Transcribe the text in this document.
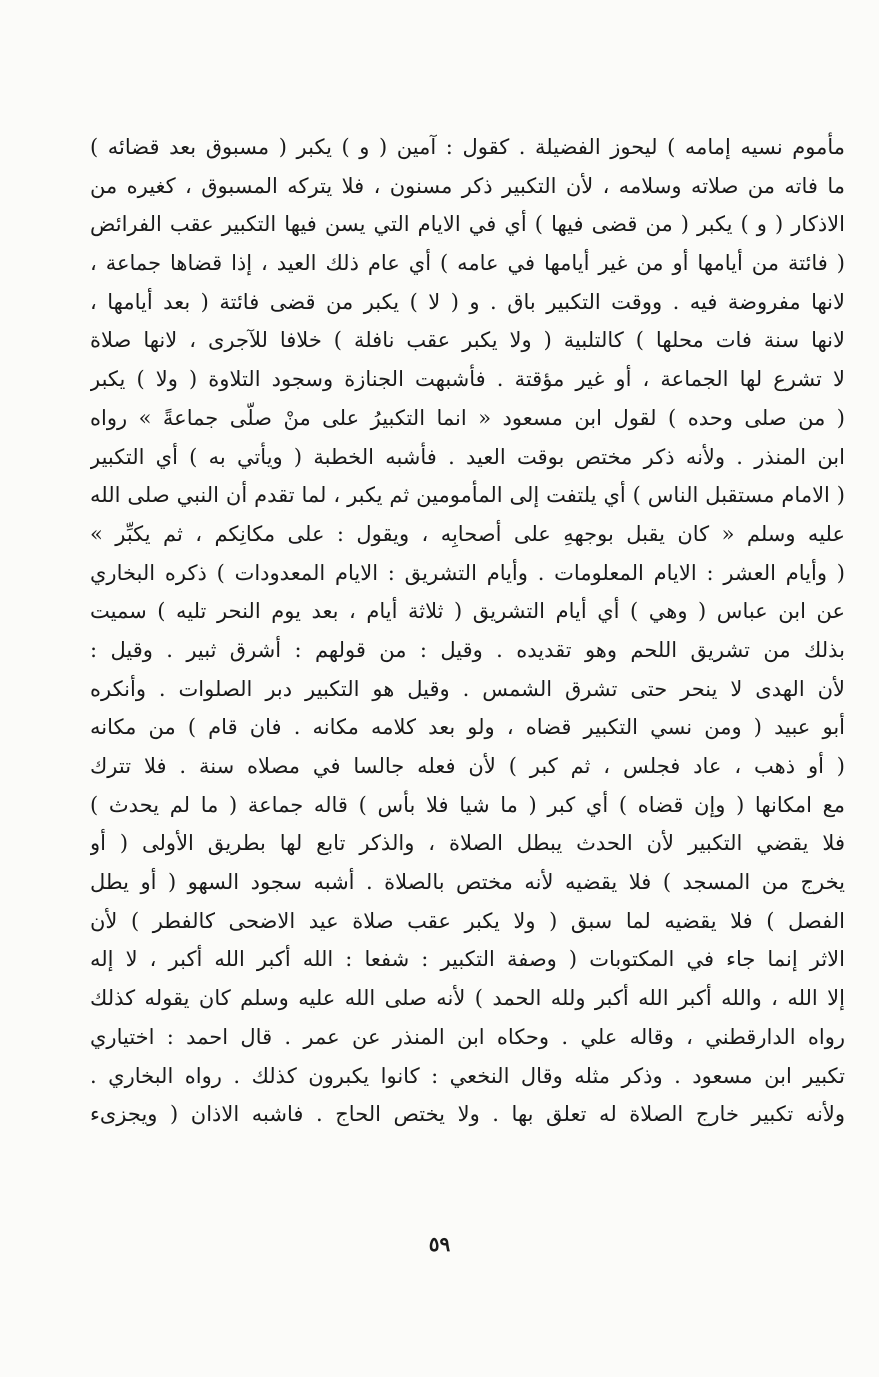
مأموم نسيه إمامه ) ليحوز الفضيلة . كقول : آمين ( و ) يكبر ( مسبوق بعد قضائه )
ما فاته من صلاته وسلامه ، لأن التكبير ذكر مسنون ، فلا يتركه المسبوق ، كغيره من
الاذكار ( و ) يكبر ( من قضى فيها ) أي في الايام التي يسن فيها التكبير عقب الفرائض
( فائتة من أيامها أو من غير أيامها في عامه ) أي عام ذلك العيد ، إذا قضاها جماعة ،
لانها مفروضة فيه . ووقت التكبير باق . و ( لا ) يكبر من قضى فائتة ( بعد أيامها ،
لانها سنة فات محلها ) كالتلبية ( ولا يكبر عقب نافلة ) خلافا للآجرى ، لانها صلاة
لا تشرع لها الجماعة ، أو غير مؤقتة . فأشبهت الجنازة وسجود التلاوة ( ولا ) يكبر
( من صلى وحده ) لقول ابن مسعود « انما التكبيرُ على منْ صلّى جماعةً » رواه
ابن المنذر . ولأنه ذكر مختص بوقت العيد . فأشبه الخطبة ( ويأتي به ) أي التكبير
( الامام مستقبل الناس ) أي يلتفت إلى المأمومين ثم يكبر ، لما تقدم أن النبي صلى الله
عليه وسلم « كان يقبل بوجههِ على أصحابِه ، ويقول : على مكانِكم ، ثم يكبِّر »
( وأيام العشر : الايام المعلومات . وأيام التشريق : الايام المعدودات ) ذكره البخاري
عن ابن عباس ( وهي ) أي أيام التشريق ( ثلاثة أيام ، بعد يوم النحر تليه ) سميت
بذلك من تشريق اللحم وهو تقديده . وقيل : من قولهم : أشرق ثبير . وقيل :
لأن الهدى لا ينحر حتى تشرق الشمس . وقيل هو التكبير دبر الصلوات . وأنكره
أبو عبيد ( ومن نسي التكبير قضاه ، ولو بعد كلامه مكانه . فان قام ) من مكانه
( أو ذهب ، عاد فجلس ، ثم كبر ) لأن فعله جالسا في مصلاه سنة . فلا تترك
مع امكانها ( وإن قضاه ) أي كبر ( ما شيا فلا بأس ) قاله جماعة ( ما لم يحدث )
فلا يقضي التكبير لأن الحدث يبطل الصلاة ، والذكر تابع لها بطريق الأولى ( أو
يخرج من المسجد ) فلا يقضيه لأنه مختص بالصلاة . أشبه سجود السهو ( أو يطل
الفصل ) فلا يقضيه لما سبق ( ولا يكبر عقب صلاة عيد الاضحى كالفطر ) لأن
الاثر إنما جاء في المكتوبات ( وصفة التكبير : شفعا : الله أكبر الله أكبر ، لا إله
إلا الله ، والله أكبر الله أكبر ولله الحمد ) لأنه صلى الله عليه وسلم كان يقوله كذلك
رواه الدارقطني ، وقاله علي . وحكاه ابن المنذر عن عمر . قال احمد : اختياري
تكبير ابن مسعود . وذكر مثله وقال النخعي : كانوا يكبرون كذلك . رواه البخاري .
ولأنه تكبير خارج الصلاة له تعلق بها . ولا يختص الحاج . فاشبه الاذان ( ويجزىء
٥٩
